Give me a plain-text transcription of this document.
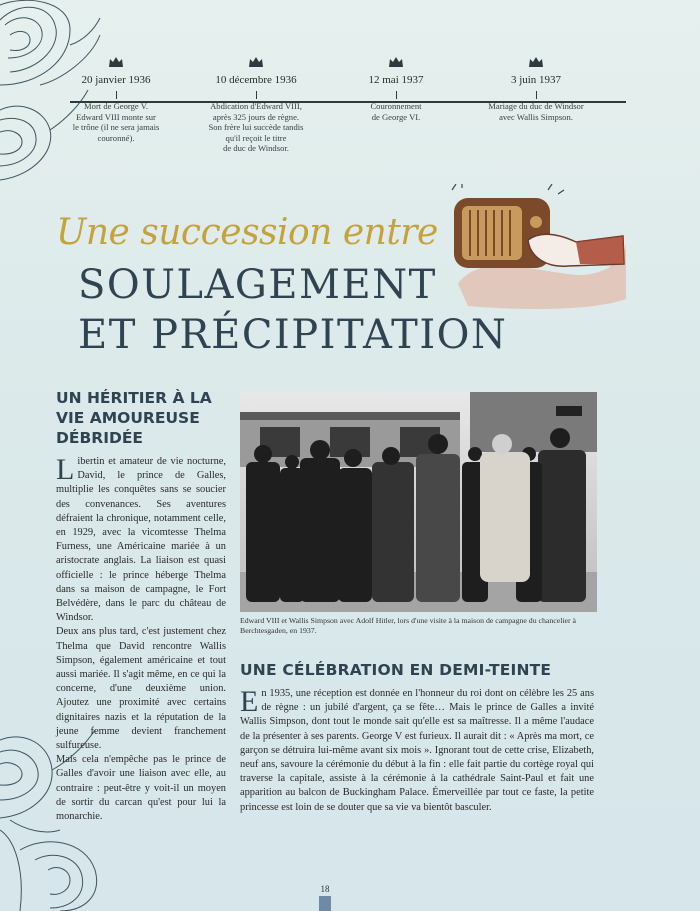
20 janvier 1936
Mort de George V.
Edward VIII monte sur
le trône (il ne sera jamais
couronné).
10 décembre 1936
Abdication d'Edward VIII,
après 325 jours de règne.
Son frère lui succède tandis
qu'il reçoit le titre
de duc de Windsor.
12 mai 1937
Couronnement
de George VI.
3 juin 1937
Mariage du duc de Windsor
avec Wallis Simpson.
Une succession entre
SOULAGEMENT
ET PRÉCIPITATION
UN HÉRITIER À LA VIE AMOUREUSE DÉBRIDÉE

Libertin et amateur de vie nocturne, David, le prince de Galles, multiplie les conquêtes sans se soucier des convenances. Ses aventures défraient la chronique, notamment celle, en 1929, avec la vicomtesse Thelma Furness, une Américaine mariée à un aristocrate anglais. La liaison est quasi officielle : le prince héberge Thelma dans sa maison de campagne, le Fort Belvédère, dans le parc du château de Windsor.

Deux ans plus tard, c'est justement chez Thelma que David rencontre Wallis Simpson, également américaine et tout aussi mariée. Il s'agit même, en ce qui la concerne, d'une deuxième union. Ajoutez une proximité avec certains dignitaires nazis et la réputation de la jeune femme devient franchement sulfureuse.

Mais cela n'empêche pas le prince de Galles d'avoir une liaison avec elle, au contraire : peut-être y voit-il un moyen de sortir du carcan qu'est pour lui la monarchie.

Edward VIII et Wallis Simpson avec Adolf Hitler, lors d'une visite à la maison de campagne du chancelier à Berchtesgaden, en 1937.
UNE CÉLÉBRATION EN DEMI-TEINTE

En 1935, une réception est donnée en l'honneur du roi dont on célèbre les 25 ans de règne : un jubilé d'argent, ça se fête… Mais le prince de Galles a invité Wallis Simpson, dont tout le monde sait qu'elle est sa maîtresse. Il a même l'audace de la présenter à ses parents. George V est furieux. Il aurait dit : « Après ma mort, ce garçon se détruira lui-même avant six mois ». Ignorant tout de cette crise, Elizabeth, neuf ans, savoure la cérémonie du début à la fin : elle fait partie du cortège royal qui traverse la capitale, assiste à la cérémonie à la cathédrale Saint-Paul et fait une apparition au balcon de Buckingham Palace. Émerveillée par tout ce faste, la petite princesse est loin de se douter que sa vie va bientôt basculer.

18
